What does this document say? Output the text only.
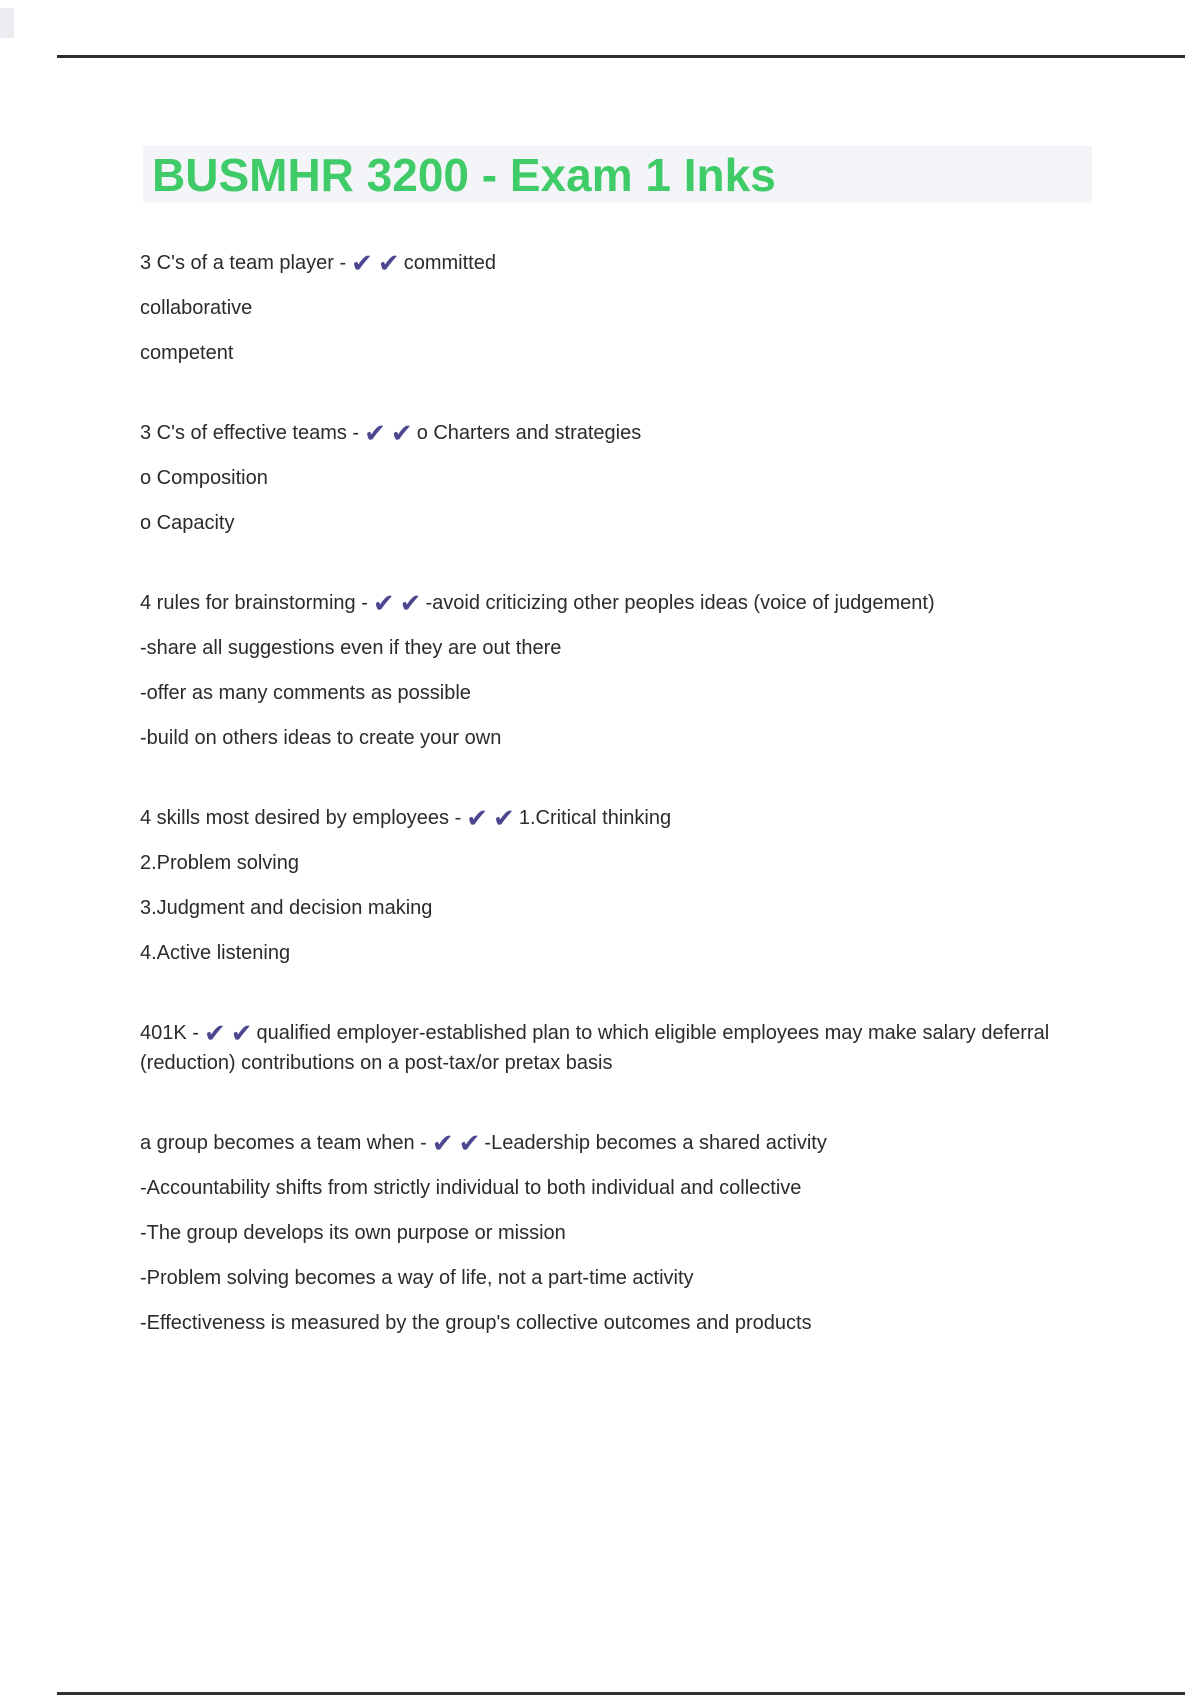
BUSMHR 3200 - Exam 1 Inks

3 C's of a team player - ✔ ✔ committed

collaborative

competent

3 C's of effective teams - ✔ ✔ o Charters and strategies

o Composition

o Capacity

4 rules for brainstorming - ✔ ✔ -avoid criticizing other peoples ideas (voice of judgement)

-share all suggestions even if they are out there

-offer as many comments as possible

-build on others ideas to create your own

4 skills most desired by employees - ✔ ✔ 1.Critical thinking

2.Problem solving

3.Judgment and decision making

4.Active listening

401K - ✔ ✔ qualified employer-established plan to which eligible employees may make salary deferral (reduction) contributions on a post-tax/or pretax basis

a group becomes a team when - ✔ ✔ -Leadership becomes a shared activity

-Accountability shifts from strictly individual to both individual and collective

-The group develops its own purpose or mission

-Problem solving becomes a way of life, not a part-time activity

-Effectiveness is measured by the group's collective outcomes and products
